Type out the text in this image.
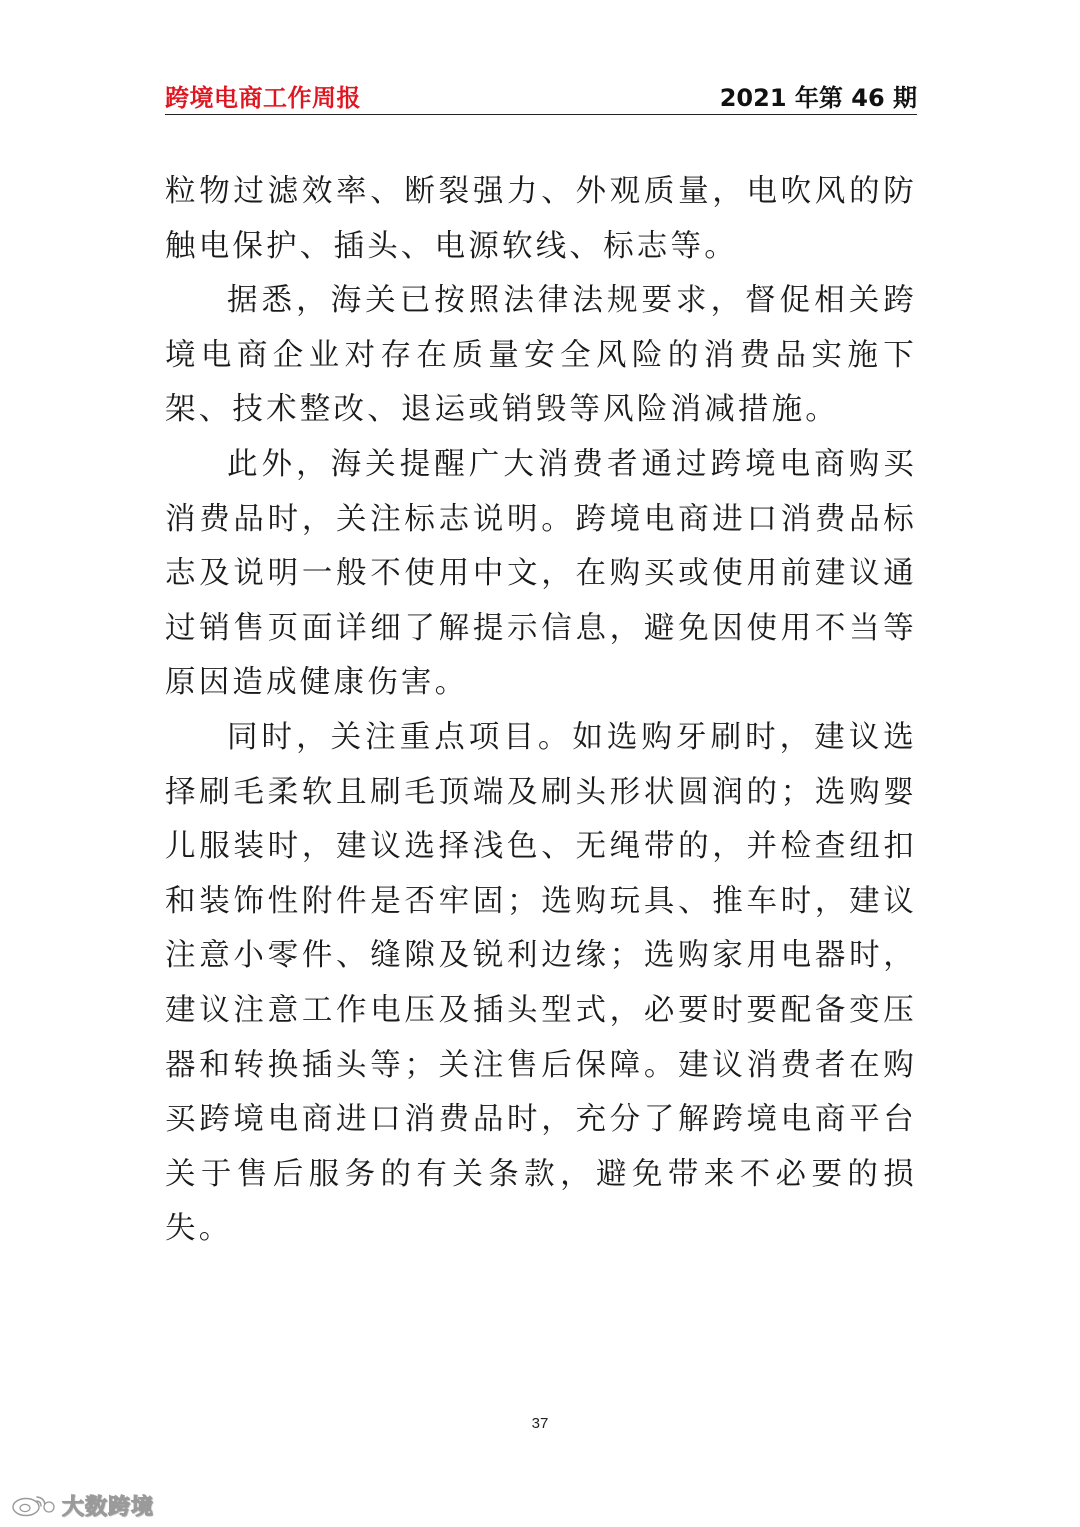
跨境电商工作周报	2021 年第 46 期

粒物过滤效率、断裂强力、外观质量，电吹风的防触电保护、插头、电源软线、标志等。

据悉，海关已按照法律法规要求，督促相关跨境电商企业对存在质量安全风险的消费品实施下架、技术整改、退运或销毁等风险消减措施。

此外，海关提醒广大消费者通过跨境电商购买消费品时，关注标志说明。跨境电商进口消费品标志及说明一般不使用中文，在购买或使用前建议通过销售页面详细了解提示信息，避免因使用不当等原因造成健康伤害。

同时，关注重点项目。如选购牙刷时，建议选择刷毛柔软且刷毛顶端及刷头形状圆润的；选购婴儿服装时，建议选择浅色、无绳带的，并检查纽扣和装饰性附件是否牢固；选购玩具、推车时，建议注意小零件、缝隙及锐利边缘；选购家用电器时，建议注意工作电压及插头型式，必要时要配备变压器和转换插头等；关注售后保障。建议消费者在购买跨境电商进口消费品时，充分了解跨境电商平台关于售后服务的有关条款，避免带来不必要的损失。

37
大数跨境
